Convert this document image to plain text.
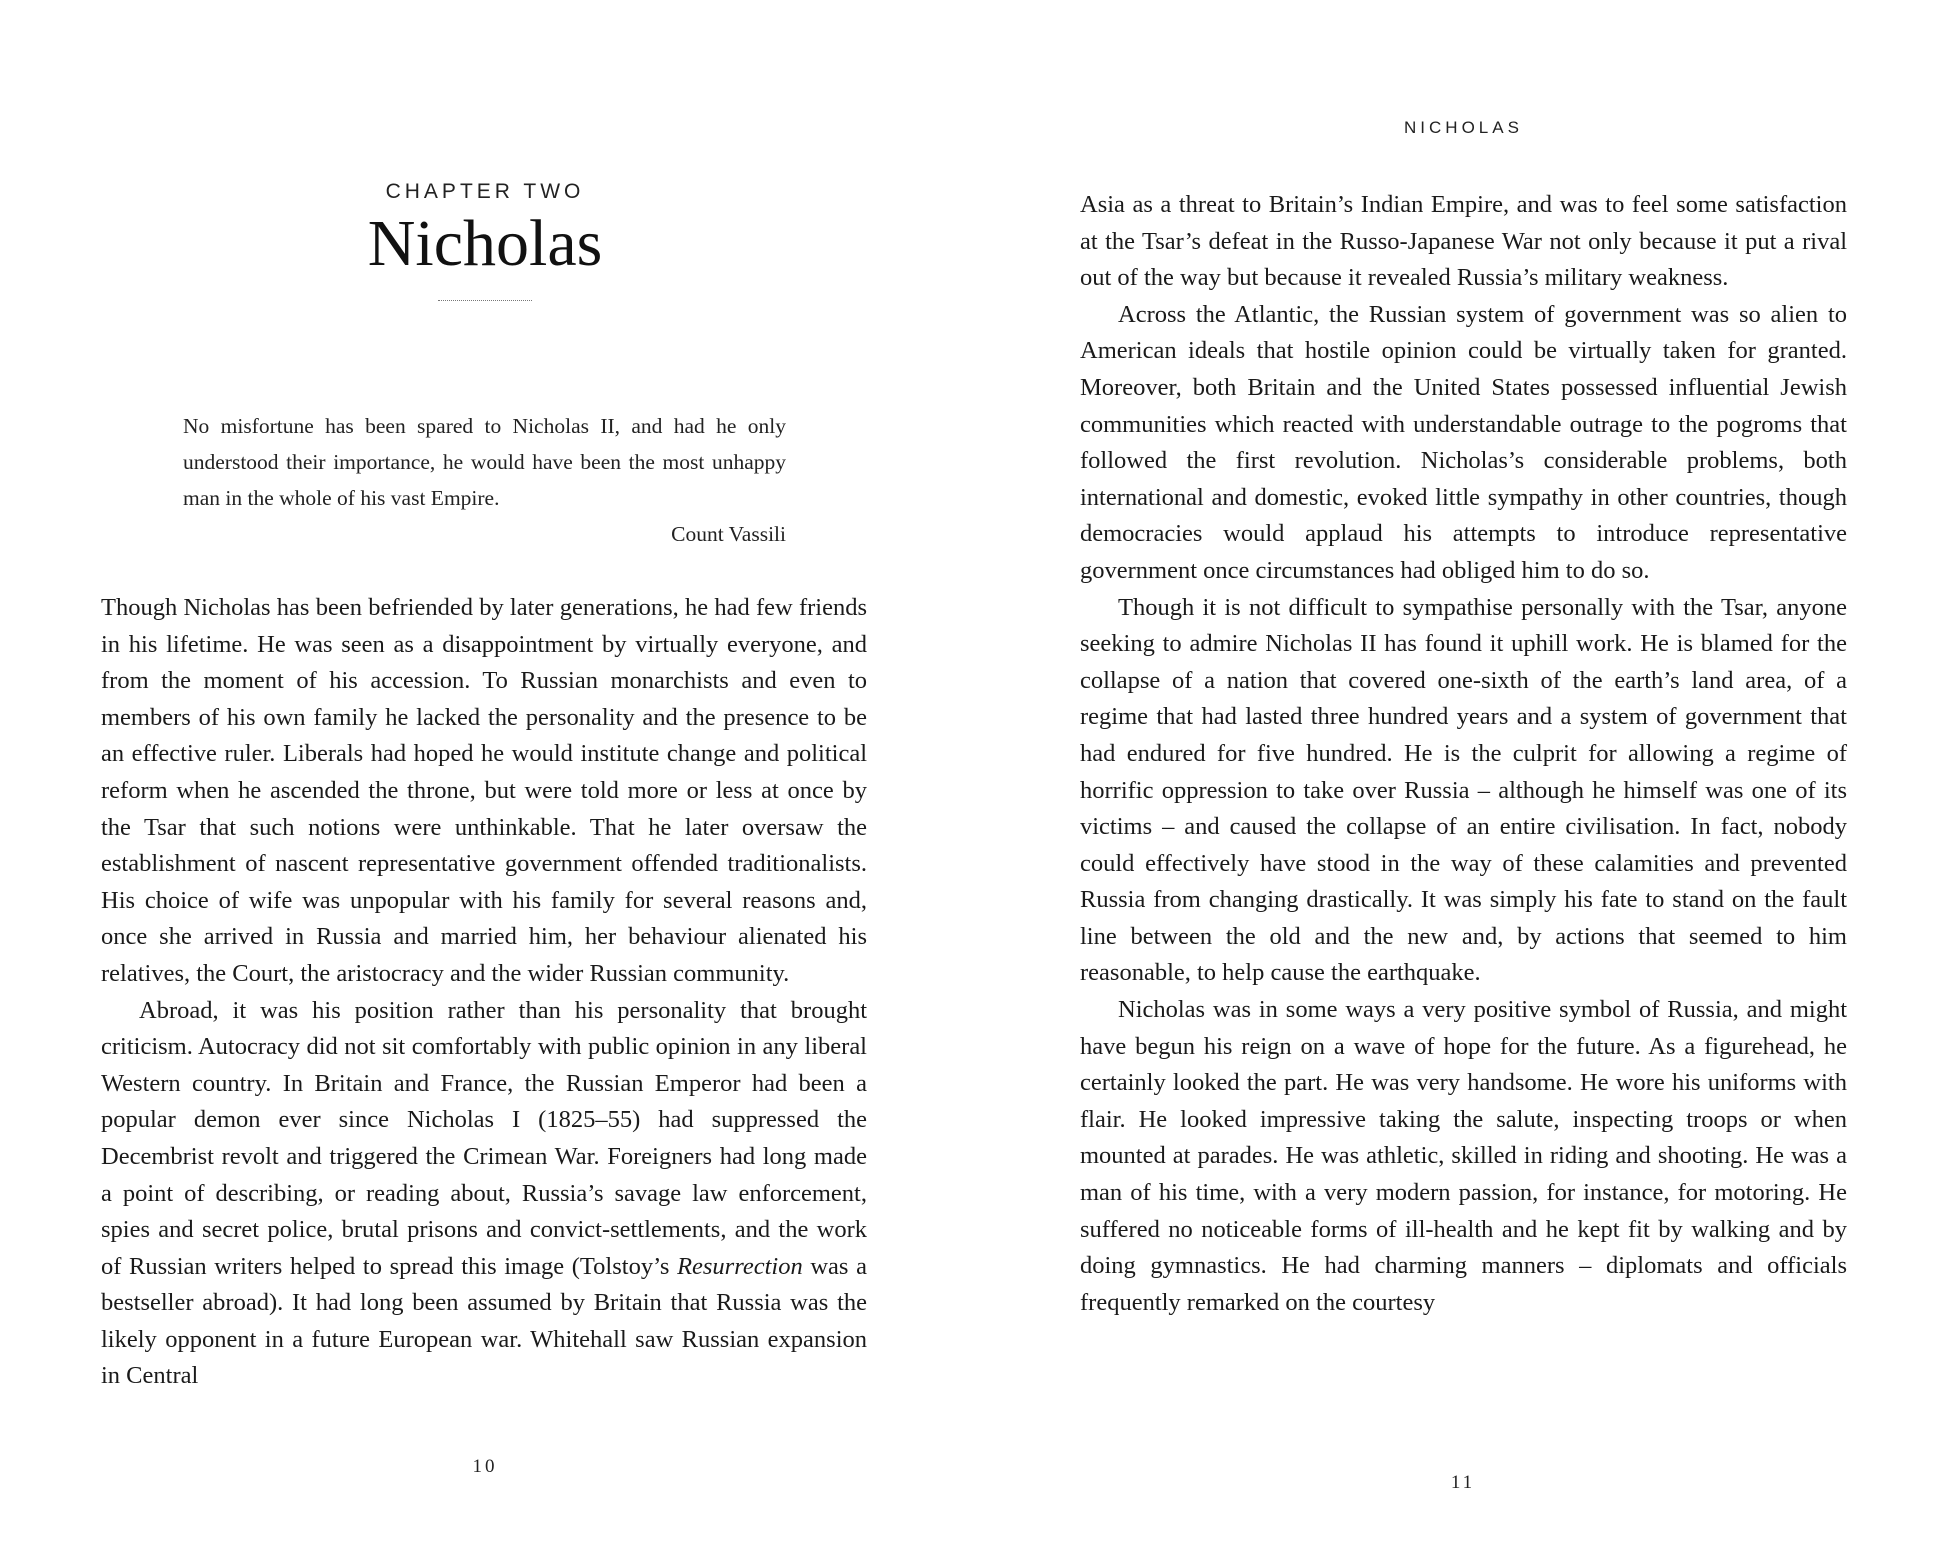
CHAPTER TWO
Nicholas
No misfortune has been spared to Nicholas II, and had he only understood their importance, he would have been the most unhappy man in the whole of his vast Empire.
Count Vassili

Though Nicholas has been befriended by later generations, he had few friends in his lifetime. He was seen as a disappointment by virtually everyone, and from the moment of his accession. To Russian monarchists and even to members of his own family he lacked the personality and the presence to be an effective ruler. Liberals had hoped he would institute change and political reform when he ascended the throne, but were told more or less at once by the Tsar that such notions were unthinkable. That he later oversaw the establishment of nascent representative government offended traditionalists. His choice of wife was unpopular with his family for several reasons and, once she arrived in Russia and married him, her behaviour alienated his relatives, the Court, the aristocracy and the wider Russian community.

Abroad, it was his position rather than his personality that brought criticism. Autocracy did not sit comfortably with public opinion in any liberal Western country. In Britain and France, the Russian Emperor had been a popular demon ever since Nicholas I (1825–55) had suppressed the Decembrist revolt and triggered the Crimean War. Foreigners had long made a point of describing, or reading about, Russia’s savage law enforcement, spies and secret police, brutal prisons and convict-settlements, and the work of Russian writers helped to spread this image (Tolstoy’s Resurrection was a bestseller abroad). It had long been assumed by Britain that Russia was the likely opponent in a future European war. Whitehall saw Russian expansion in Central

10
NICHOLAS

Asia as a threat to Britain’s Indian Empire, and was to feel some satisfaction at the Tsar’s defeat in the Russo-Japanese War not only because it put a rival out of the way but because it revealed Russia’s military weakness.

Across the Atlantic, the Russian system of government was so alien to American ideals that hostile opinion could be virtually taken for granted. Moreover, both Britain and the United States possessed influential Jewish communities which reacted with understandable outrage to the pogroms that followed the first revolution. Nicholas’s considerable problems, both international and domestic, evoked little sympathy in other countries, though democracies would applaud his attempts to introduce representative government once circumstances had obliged him to do so.

Though it is not difficult to sympathise personally with the Tsar, anyone seeking to admire Nicholas II has found it uphill work. He is blamed for the collapse of a nation that covered one-sixth of the earth’s land area, of a regime that had lasted three hundred years and a system of government that had endured for five hundred. He is the culprit for allowing a regime of horrific oppression to take over Russia – although he himself was one of its victims – and caused the collapse of an entire civilisation. In fact, nobody could effectively have stood in the way of these calamities and prevented Russia from changing drastically. It was simply his fate to stand on the fault line between the old and the new and, by actions that seemed to him reasonable, to help cause the earthquake.

Nicholas was in some ways a very positive symbol of Russia, and might have begun his reign on a wave of hope for the future. As a figurehead, he certainly looked the part. He was very handsome. He wore his uniforms with flair. He looked impressive taking the salute, inspecting troops or when mounted at parades. He was athletic, skilled in riding and shooting. He was a man of his time, with a very modern passion, for instance, for motoring. He suffered no noticeable forms of ill-health and he kept fit by walking and by doing gymnastics. He had charming manners – diplomats and officials frequently remarked on the courtesy

11
